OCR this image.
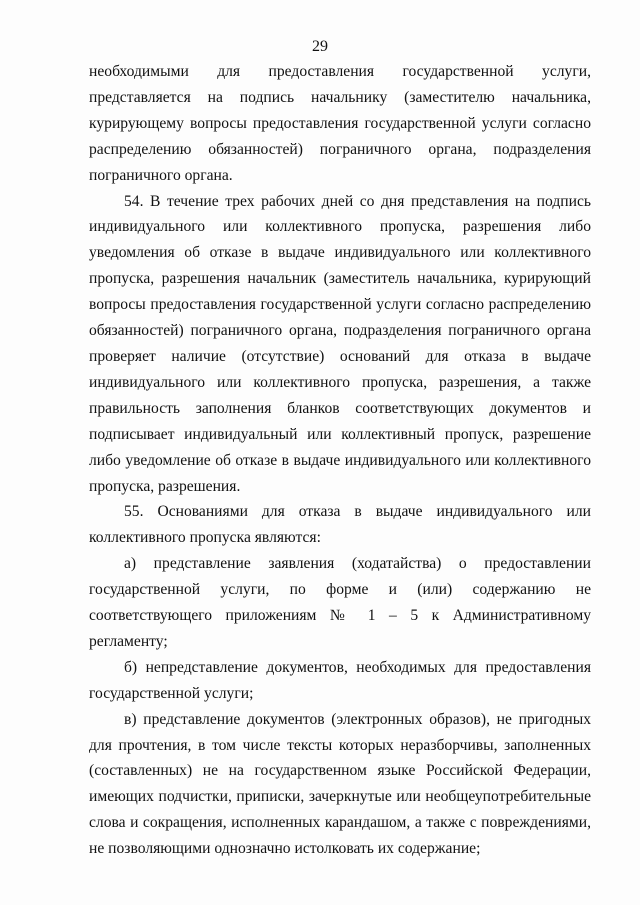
29

необходимыми для предоставления государственной услуги, представляется на подпись начальнику (заместителю начальника, курирующему вопросы предоставления государственной услуги согласно распределению обязанностей) пограничного органа, подразделения пограничного органа.

54. В течение трех рабочих дней со дня представления на подпись индивидуального или коллективного пропуска, разрешения либо уведомления об отказе в выдаче индивидуального или коллективного пропуска, разрешения начальник (заместитель начальника, курирующий вопросы предоставления государственной услуги согласно распределению обязанностей) пограничного органа, подразделения пограничного органа проверяет наличие (отсутствие) оснований для отказа в выдаче индивидуального или коллективного пропуска, разрешения, а также правильность заполнения бланков соответствующих документов и подписывает индивидуальный или коллективный пропуск, разрешение либо уведомление об отказе в выдаче индивидуального или коллективного пропуска, разрешения.

55. Основаниями для отказа в выдаче индивидуального или коллективного пропуска являются:

а) представление заявления (ходатайства) о предоставлении государственной услуги, по форме и (или) содержанию не соответствующего приложениям № 1 – 5 к Административному регламенту;

б) непредставление документов, необходимых для предоставления государственной услуги;

в) представление документов (электронных образов), не пригодных для прочтения, в том числе тексты которых неразборчивы, заполненных (составленных) не на государственном языке Российской Федерации, имеющих подчистки, приписки, зачеркнутые или необщеупотребительные слова и сокращения, исполненных карандашом, а также с повреждениями, не позволяющими однозначно истолковать их содержание;
